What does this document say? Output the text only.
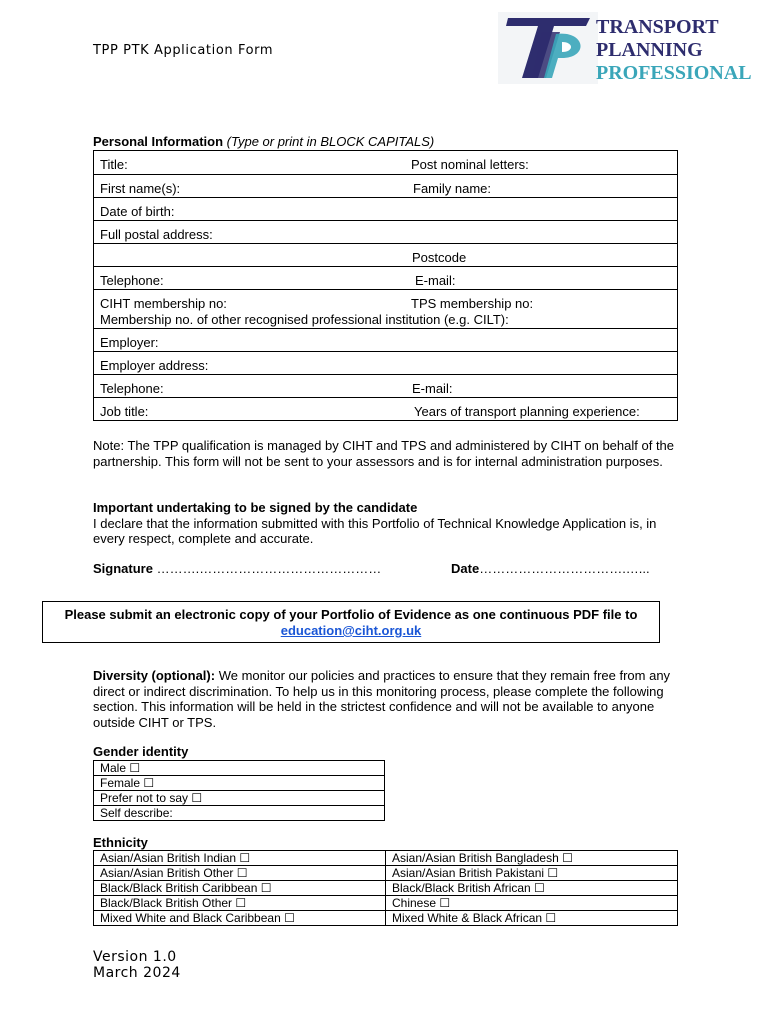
TPP PTK Application Form
TRANSPORT
PLANNING
PROFESSIONAL
Personal Information (Type or print in BLOCK CAPITALS)
Title:	Post nominal letters:
First name(s):	Family name:
Date of birth:
Full postal address:
Postcode
Telephone:	E-mail:
CIHT membership no:	TPS membership no:
Membership no. of other recognised professional institution (e.g. CILT):
Employer:
Employer address:
Telephone:	E-mail:
Job title:	Years of transport planning experience:
Note: The TPP qualification is managed by CIHT and TPS and administered by CIHT on behalf of the partnership. This form will not be sent to your assessors and is for internal administration purposes.
Important undertaking to be signed by the candidate
I declare that the information submitted with this Portfolio of Technical Knowledge Application is, in every respect, complete and accurate.
Signature ……….……………………………………	Date…………………………….…...
Please submit an electronic copy of your Portfolio of Evidence as one continuous PDF file to education@ciht.org.uk
Diversity (optional): We monitor our policies and practices to ensure that they remain free from any direct or indirect discrimination. To help us in this monitoring process, please complete the following section. This information will be held in the strictest confidence and will not be available to anyone outside CIHT or TPS.
Gender identity
Male ☐
Female ☐
Prefer not to say ☐
Self describe:
Ethnicity
Asian/Asian British Indian ☐	Asian/Asian British Bangladesh ☐
Asian/Asian British Other ☐	Asian/Asian British Pakistani ☐
Black/Black British Caribbean ☐	Black/Black British African ☐
Black/Black British Other ☐	Chinese ☐
Mixed White and Black Caribbean ☐	Mixed White & Black African ☐
Version 1.0
March 2024
